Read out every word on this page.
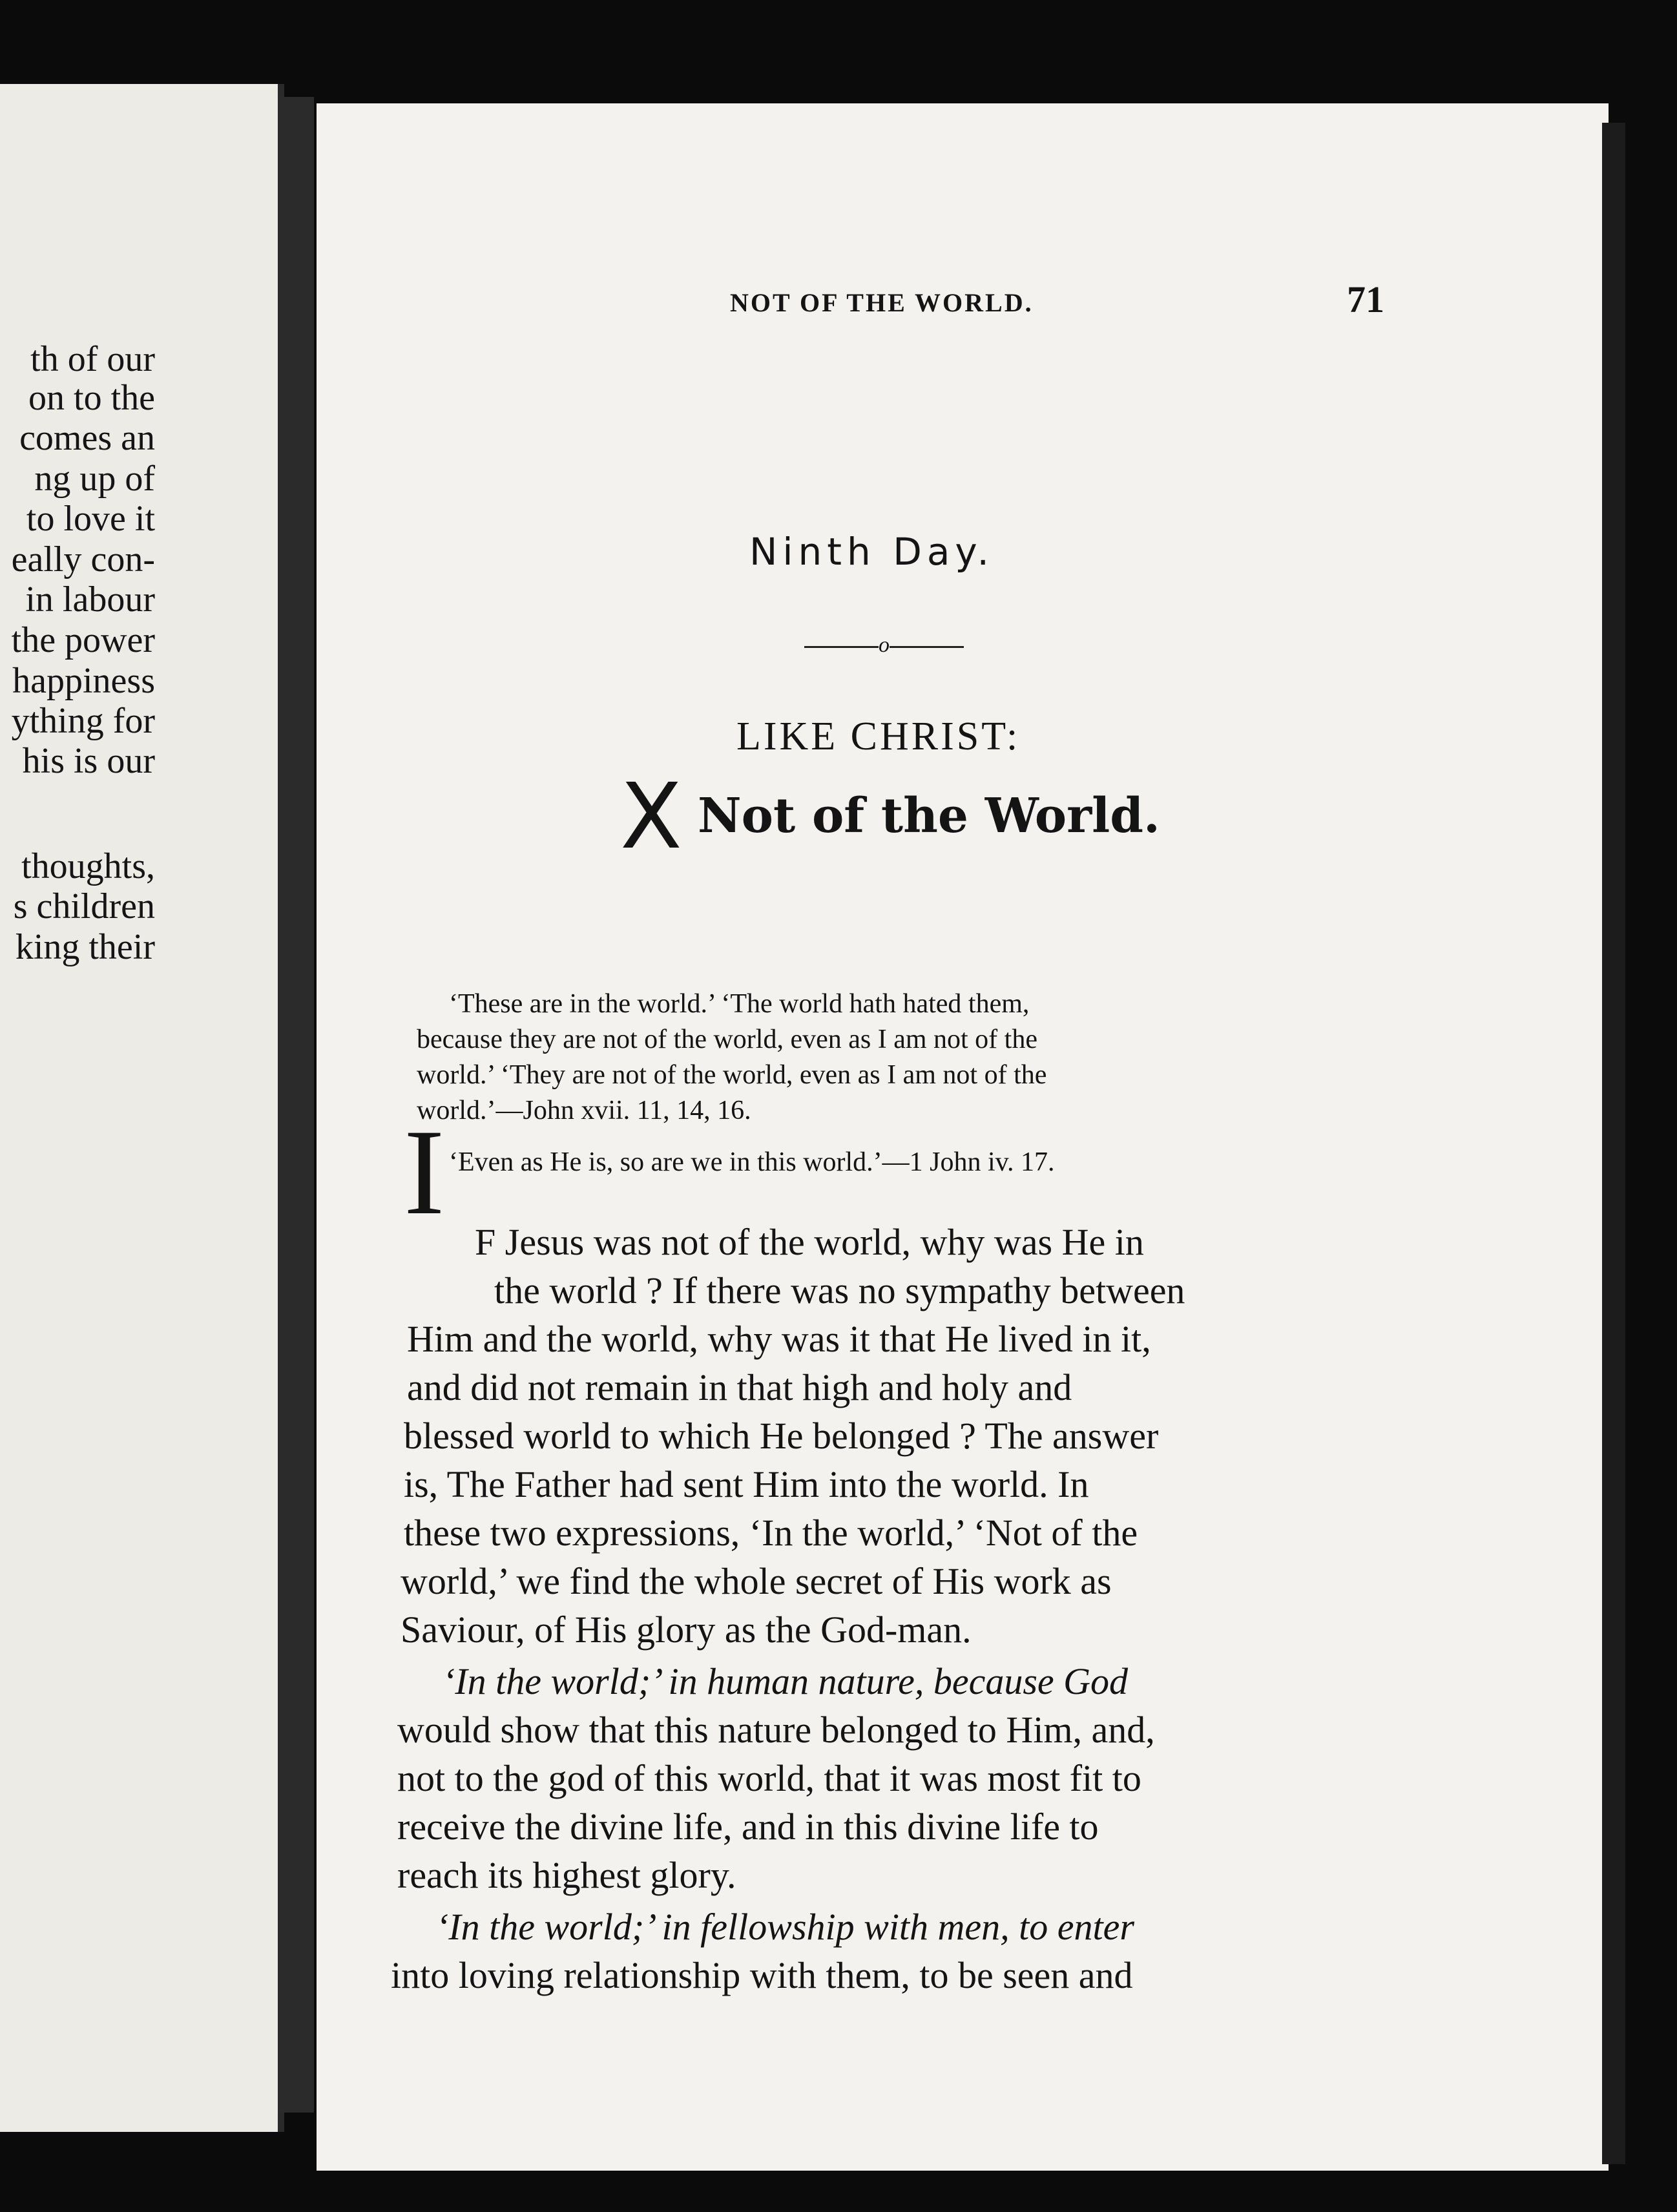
th of our
on to the
comes an
ng up of
to love it
eally con-
in labour
the power
happiness
ything for
his is our
thoughts,
s children
king their
NOT OF THE WORLD.	71
Ninth Day.
o
LIKE CHRIST:
X Not of the World.
‘These are in the world.’ ‘The world hath hated them,
because they are not of the world, even as I am not of the
world.’ ‘They are not of the world, even as I am not of the
world.’—John xvii. 11, 14, 16.
‘Even as He is, so are we in this world.’—1 John iv. 17.
I
F Jesus was not of the world, why was He in
the world ? If there was no sympathy between
Him and the world, why was it that He lived in it,
and did not remain in that high and holy and
blessed world to which He belonged ? The answer
is, The Father had sent Him into the world. In
these two expressions, ‘In the world,’ ‘Not of the
world,’ we find the whole secret of His work as
Saviour, of His glory as the God-man.
‘In the world;’ in human nature, because God
would show that this nature belonged to Him, and,
not to the god of this world, that it was most fit to
receive the divine life, and in this divine life to
reach its highest glory.
‘In the world;’ in fellowship with men, to enter
into loving relationship with them, to be seen and
